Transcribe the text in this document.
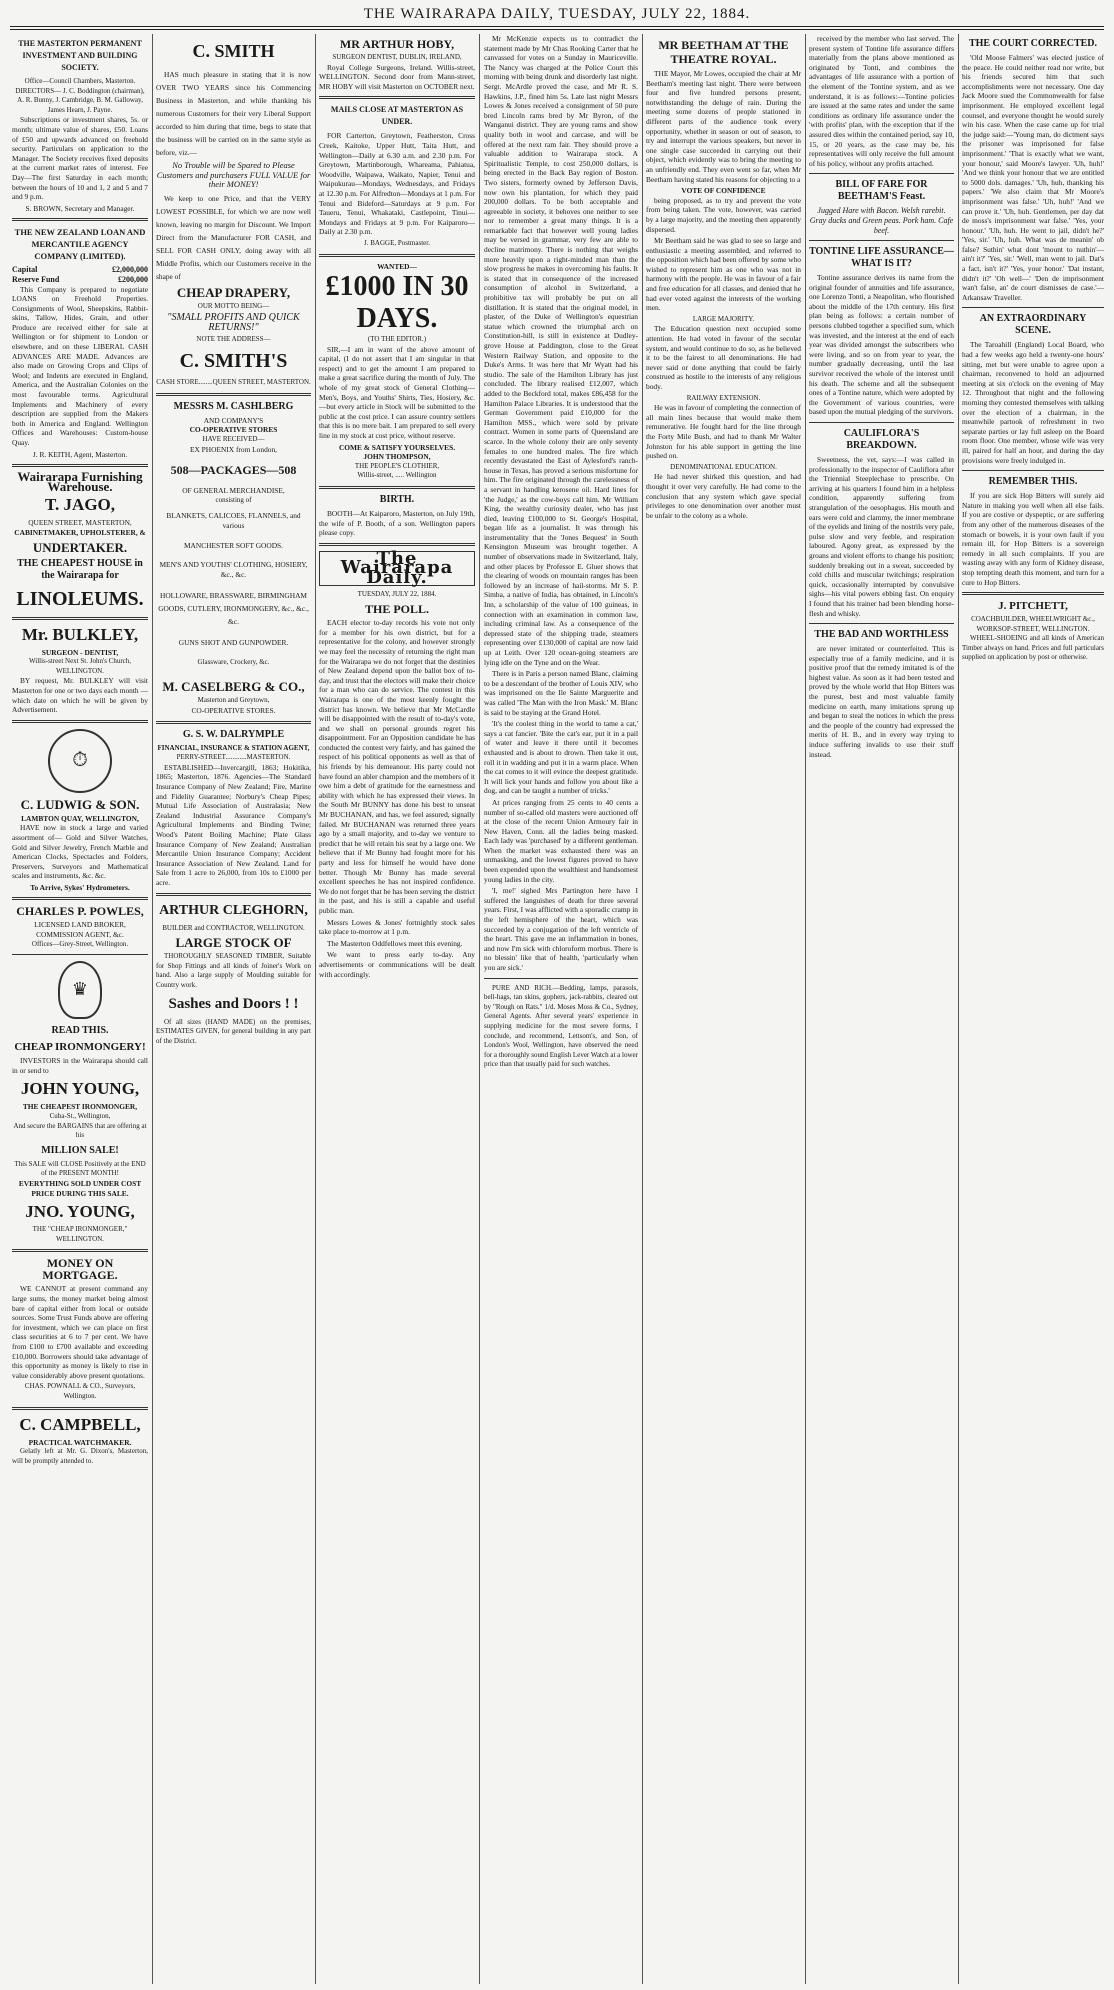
THE WAIRARAPA DAILY, TUESDAY, JULY 22, 1884.
THE MASTERTON PERMANENT INVESTMENT AND BUILDING SOCIETY.
Office—Council Chambers, Masterton. DIRECTORS— J. C. Boddington (chairman), A. R. Bunny, J. Cambridge, B. M. Galloway, James Hearn, J. Payne.
Subscriptions or investment shares, 5s. or month; ultimate value of shares, £50. Loans of £50 and upwards advanced on freehold security. Particulars on application to the Manager. The Society receives fixed deposits at the current market rates of interest. Fee Day—The first Saturday in each month; between the hours of 10 and 1, 2 and 5 and 7 and 9 p.m.
S. BROWN, Secretary and Manager.
THE NEW ZEALAND LOAN AND MERCANTILE AGENCY COMPANY (LIMITED).
Capital	£2,000,000
Reserve Fund	£200,000
This Company is prepared to negotiate LOANS on Freehold Properties. Consignments of Wool, Sheepskins, Rabbit-skins, Tallow, Hides, Grain, and other Produce are received either for sale at Wellington or for shipment to London or elsewhere, and on these LIBERAL CASH ADVANCES ARE MADE. Advances are also made on Growing Crops and Clips of Wool; and Indents are executed in England, America, and the Australian Colonies on the most favourable terms. Agricultural Implements and Machinery of every description are supplied from the Makers both in America and England. Wellington Offices and Warehouses: Custom-house Quay.
J. R. KEITH, Agent, Masterton.
Wairarapa Furnishing Warehouse.
T. JAGO,
QUEEN STREET, MASTERTON,
CABINETMAKER, UPHOLSTERER, &
UNDERTAKER.
THE CHEAPEST HOUSE in the Wairarapa for
LINOLEUMS.
Mr. BULKLEY,
SURGEON - DENTIST,
Willis-street Next St. John's Church, WELLINGTON.
BY request, Mr. BULKLEY will visit Masterton for one or two days each month — which date on which he will be given by Advertisement.
⏱
C. LUDWIG & SON.
LAMBTON QUAY, WELLINGTON,
HAVE now in stock a large and varied assortment of— Gold and Silver Watches, Gold and Silver Jewelry, French Marble and American Clocks, Spectacles and Folders, Preservers, Surveyors and Mathematical scales and instruments, &c. &c.
To Arrive, Sykes' Hydrometers.
CHARLES P. POWLES,
LICENSED LAND BROKER, COMMISSION AGENT, &c.
Offices—Grey-Street, Wellington.
♛
READ THIS.
CHEAP IRONMONGERY!
INVESTORS in the Wairarapa should call in or send to
JOHN YOUNG,
THE CHEAPEST IRONMONGER,
Cuba-St., Wellington,
And secure the BARGAINS that are offering at his
MILLION SALE!
This SALE will CLOSE Positively at the END of the PRESENT MONTH!
EVERYTHING SOLD UNDER COST PRICE DURING THIS SALE.
JNO. YOUNG,
THE "CHEAP IRONMONGER," WELLINGTON.
MONEY ON MORTGAGE.
WE CANNOT at present command any large sums, the money market being almost bare of capital either from local or outside sources. Some Trust Funds above are offering for investment, which we can place on first class securities at 6 to 7 per cent. We have from £100 to £700 available and exceeding £10,000. Borrowers should take advantage of this opportunity as money is likely to rise in value considerably above present quotations.
CHAS. POWNALL & CO., Surveyors, Wellington.
C. CAMPBELL,
PRACTICAL WATCHMAKER.
Gelatly left at Mr. G. Dixon's, Masterton, will be promptly attended to.
C. SMITH
HAS much pleasure in stating that it is now OVER TWO YEARS since his Commencing Business in Masterton, and while thanking his numerous Customers for their very Liberal Support accorded to him during that time, begs to state that the business will be carried on in the same style as before, viz.—
No Trouble will be Spared to Please Customers and purchasers FULL VALUE for their MONEY!
We keep to one Price, and that the VERY LOWEST POSSIBLE, for which we are now well known, leaving no margin for Discount. We Import Direct from the Manufacturer FOR CASH, and SELL FOR CASH ONLY, doing away with all Middle Profits, which our Customers receive in the shape of
CHEAP DRAPERY,
OUR MOTTO BEING—
"SMALL PROFITS AND QUICK RETURNS!"
NOTE THE ADDRESS—
C. SMITH'S
CASH STORE........QUEEN STREET, MASTERTON.
MESSRS M. CASHLBERG
AND COMPANY'S
CO-OPERATIVE STORES
HAVE RECEIVED—
EX PHOENIX from London,
508—PACKAGES—508
OF GENERAL MERCHANDISE,
consisting of
BLANKETS, CALICOES, FLANNELS, and various
MANCHESTER SOFT GOODS.
MEN'S AND YOUTHS' CLOTHING, HOSIERY, &c., &c.
HOLLOWARE, BRASSWARE, BIRMINGHAM GOODS, CUTLERY, IRONMONGERY, &c., &c., &c.
GUNS SHOT AND GUNPOWDER.
Glassware, Crockery, &c.
M. CASELBERG & CO.,
Masterton and Greytown,
CO-OPERATIVE STORES.
G. S. W. DALRYMPLE
FINANCIAL, INSURANCE & STATION AGENT,
PERRY-STREET............MASTERTON.
ESTABLISHED—Invercargill, 1863; Hokitika, 1865; Masterton, 1876. Agencies—The Standard Insurance Company of New Zealand; Fire, Marine and Fidelity Guarantee; Norbury's Cheap Pipes; Mutual Life Association of Australasia; New Zealand Industrial Assurance Company's Agricultural Implements and Binding Twine; Wood's Patent Boiling Machine; Plate Glass Insurance Company of New Zealand; Australian Mercantile Union Insurance Company; Accident Insurance Association of New Zealand. Land for Sale from 1 acre to 26,000, from 10s to £1000 per acre.
ARTHUR CLEGHORN,
BUILDER and CONTRACTOR, WELLINGTON.
LARGE STOCK OF
THOROUGHLY SEASONED TIMBER, Suitable for Shop Fittings and all kinds of Joiner's Work on hand. Also a large supply of Moulding suitable for Country work.
Sashes and Doors ! !
Of all sizes (HAND MADE) on the premises, ESTIMATES GIVEN, for general building in any part of the District.
MR ARTHUR HOBY,
SURGEON DENTIST, DUBLIN, IRELAND,
Royal College Surgeons, Ireland. Willis-street, WELLINGTON. Second door from Mann-street, MR HOBY will visit Masterton on OCTOBER next.
MAILS CLOSE AT MASTERTON AS UNDER.
FOR Carterton, Greytown, Featherston, Cross Creek, Kaitoke, Upper Hutt, Taita Hutt, and Wellington—Daily at 6.30 a.m. and 2.30 p.m. For Greytown, Martinborough, Whareama, Pahiatua, Woodville, Waipawa, Waikato, Napier, Tenui and Waipukurau—Mondays, Wednesdays, and Fridays at 12.30 p.m. For Alfredton—Mondays at 1 p.m. For Tenui and Bideford—Saturdays at 9 p.m. For Taueru, Tenui, Whakataki, Castlepoint, Tinui—Mondays and Fridays at 9 p.m. For Kaiparoro—Daily at 2.30 p.m.
J. BAGGE, Postmaster.
WANTED—
£1000 IN 30 DAYS.
(TO THE EDITOR.)
SIR,—I am in want of the above amount of capital, (I do not assert that I am singular in that respect) and to get the amount I am prepared to make a great sacrifice during the month of July. The whole of my great stock of General Clothing—Men's, Boys, and Youths' Shirts, Ties, Hosiery, &c.—but every article in Stock will be submitted to the public at the cost price. I can assure country settlers that this is no mere bait. I am prepared to sell every line in my stock at cost price, without reserve.
COME & SATISFY YOURSELVES.
JOHN THOMPSON,
THE PEOPLE'S CLOTHIER,
Willis-street, ..... Wellington
BIRTH.
BOOTH—At Kaiparoro, Masterton, on July 19th, the wife of P. Booth, of a son. Wellington papers please copy.
The Wairarapa Daily.
TUESDAY, JULY 22, 1884.
THE POLL.
EACH elector to-day records his vote not only for a member for his own district, but for a representative for the colony, and however strongly we may feel the necessity of returning the right man for the Wairarapa we do not forget that the destinies of New Zealand depend upon the ballot box of to-day, and trust that the electors will make their choice for a man who can do service. The contest in this Wairarapa is one of the most keenly fought the district has known. We believe that Mr McCardle will be disappointed with the result of to-day's vote, and we shall on personal grounds regret his disappointment. For an Opposition candidate he has conducted the contest very fairly, and has gained the respect of his political opponents as well as that of his friends by his demeanour. His party could not have found an abler champion and the members of it owe him a debt of gratitude for the earnestness and ability with which he has expressed their views. In the South Mr BUNNY has done his best to unseat Mr BUCHANAN, and has, we feel assured, signally failed. Mr BUCHANAN was returned three years ago by a small majority, and to-day we venture to predict that he will retain his seat by a large one. We believe that if Mr Bunny had fought more for his party and less for himself he would have done better. Though Mr Bunny has made several excellent speeches he has not inspired confidence. We do not forget that he has been serving the district in the past, and his is still a capable and useful public man.
Messrs Lowes & Jones' fortnightly stock sales take place to-morrow at 1 p.m.
The Masterton Oddfellows meet this evening.
We want to press early to-day. Any advertisements or communications will be dealt with accordingly.
Mr McKenzie expects us to contradict the statement made by Mr Chas Rooking Carter that he canvassed for votes on a Sunday in Mauriceville. The Nancy was charged at the Police Court this morning with being drunk and disorderly last night. Sergt. McArdle proved the case, and Mr R. S. Hawkins, J.P., fined him 5s. Late last night Messrs Lowes & Jones received a consignment of 50 pure bred Lincoln rams bred by Mr Byron, of the Wanganui district. They are young rams and show quality both in wool and carcase, and will be offered at the next ram fair. They should prove a valuable addition to Wairarapa stock. A Spiritualistic Temple, to cost 250,000 dollars, is being erected in the Back Bay region of Boston. Two sisters, formerly owned by Jefferson Davis, now own his plantation, for which they paid 200,000 dollars. To be both acceptable and agreeable in society, it behoves one neither to see nor to remember a great many things. It is a remarkable fact that however well young ladies may be versed in grammar, very few are able to decline matrimony. There is nothing that weighs more heavily upon a right-minded man than the slow progress he makes in overcoming his faults. It is stated that in consequence of the increased consumption of alcohol in Switzerland, a prohibitive tax will probably be put on all distillation. It is stated that the original model, in plaster, of the Duke of Wellington's equestrian statue which crowned the triumphal arch on Constitution-hill, is still in existence at Dudley-grove House at Paddington, close to the Great Western Railway Station, and opposite to the Duke's Arms. It was here that Mr Wyatt had his studio. The sale of the Hamilton Library has just concluded. The library realised £12,007, which added to the Beckford total, makes £86,458 for the Hamilton Palace Libraries. It is understood that the German Government paid £10,000 for the Hamilton MSS., which were sold by private contract. Women in some parts of Queensland are scarce. In the whole colony their are only seventy females to one hundred males. The fire which recently devastated the East of Aylesford's ranch-house in Texas, has proved a serious misfortune for him. The fire originated through the carelessness of a servant in handling kerosene oil. Hard lines for 'the Judge,' as the cow-boys call him. Mr William King, the wealthy curiosity dealer, who has just died, leaving £100,000 to St. George's Hospital, began life as a journalist. It was through his instrumentality that the 'Jones Bequest' in South Kensington Museum was brought together. A number of observations made in Switzerland, Italy, and other places by Professor E. Gluer shows that the clearing of woods on mountain ranges has been followed by an increase of hail-storms. Mr S. P. Simba, a native of India, has obtained, in Lincoln's Inn, a scholarship of the value of 100 guineas, in connection with an examination in common law, including criminal law. As a consequence of the depressed state of the shipping trade, steamers representing over £130,000 of capital are now laid up at Leith. Over 120 ocean-going steamers are lying idle on the Tyne and on the Wear.
There is in Paris a person named Blanc, claiming to be a descendant of the brother of Louis XIV, who was imprisoned on the Ile Sainte Marguerite and was called 'The Man with the Iron Mask.' M. Blanc is said to be staying at the Grand Hotel.
'It's the coolest thing in the world to tame a cat,' says a cat fancier. 'Bite the cat's ear, put it in a pail of water and leave it there until it becomes exhausted and is about to drown. Then take it out, roll it in wadding and put it in a warm place. When the cat comes to it will evince the deepest gratitude. It will lick your hands and follow you about like a dog, and can be taught a number of tricks.'
At prices ranging from 25 cents to 40 cents a number of so-called old masters were auctioned off at the close of the recent Union Armoury fair in New Haven, Conn. all the ladies being masked. Each lady was 'purchased' by a different gentleman. When the market was exhausted there was an unmasking, and the lowest figures proved to have been expended upon the wealthiest and handsomest young ladies in the city.
'I, me!' sighed Mrs Partington here have I suffered the languishes of death for three several years. First, I was afflicted with a sporadic cramp in the left hemisphere of the heart, which was succeeded by a conjugation of the left ventricle of the heart. This gave me an inflammation in bones, and now I'm sick with chloroform morbus. There is no blessin' like that of health, 'particularly when you are sick.'
PURE AND RICH.—Bedding, lamps, parasols, bell-hags, tan skins, gophers, jack-rabbits, cleared out by "Rough on Rats." 1/d. Moses Moss & Co., Sydney, General Agents. After several years' experience in supplying medicine for the most severe forms, I conclude, and recommend, Lettsom's, and Son, of London's Wool, Wellington, have observed the need for a thoroughly sound English Lever Watch at a lower price than that usually paid for such watches.
MR BEETHAM AT THE THEATRE ROYAL.
THE Mayor, Mr Lowes, occupied the chair at Mr Beetham's meeting last night. There were between four and five hundred persons present, notwithstanding the deluge of rain. During the meeting some dozens of people stationed in different parts of the audience took every opportunity, whether in season or out of season, to try and interrupt the various speakers, but never in one single case succeeded in carrying out their object, which evidently was to bring the meeting to an unfriendly end. They even went so far, when Mr Beetham having stated his reasons for objecting to a
VOTE OF CONFIDENCE
being proposed, as to try and prevent the vote from being taken. The vote, however, was carried by a large majority, and the meeting then apparently dispersed.
Mr Beetham said he was glad to see so large and enthusiastic a meeting assembled, and referred to the opposition which had been offered by some who wished to represent him as one who was not in harmony with the people. He was in favour of a fair and free education for all classes, and denied that he had ever voted against the interests of the working men.
LARGE MAJORITY.
The Education question next occupied some attention. He had voted in favour of the secular system, and would continue to do so, as he believed it to be the fairest to all denominations. He had never said or done anything that could be fairly construed as hostile to the interests of any religious body.
RAILWAY EXTENSION.
He was in favour of completing the connection of all main lines because that would make them remunerative. He fought hard for the line through the Forty Mile Bush, and had to thank Mr Walter Johnston for his able support in getting the line pushed on.
DENOMINATIONAL EDUCATION.
He had never shirked this question, and had thought it over very carefully. He had come to the conclusion that any system which gave special privileges to one denomination over another must be unfair to the colony as a whole.
received by the member who last served. The present system of Tontine life assurance differs materially from the plans above mentioned as originated by Tonti, and combines the advantages of life assurance with a portion of the element of the Tontine system, and as we understand, it is as follows:—Tontine policies are issued at the same rates and under the same conditions as ordinary life assurance under the 'with profits' plan, with the exception that if the assured dies within the contained period, say 10, 15, or 20 years, as the case may be, his representatives will only receive the full amount of his policy, without any profits attached.
BILL OF FARE FOR BEETHAM'S Feast.
Jugged Hare with Bacon. Welsh rarebit. Gray ducks and Green peas. Pork ham. Cafe beef.
TONTINE LIFE ASSURANCE—WHAT IS IT?
Tontine assurance derives its name from the original founder of annuities and life assurance, one Lorenzo Tonti, a Neapolitan, who flourished about the middle of the 17th century. His first plan being as follows: a certain number of persons clubbed together a specified sum, which was invested, and the interest at the end of each year was divided amongst the subscribers who were living, and so on from year to year, the number gradually decreasing, until the last survivor received the whole of the interest until his death. The scheme and all the subsequent ones of a Tontine nature, which were adopted by the Government of various countries, were based upon the mutual pledging of the survivors.
CAULIFLORA'S BREAKDOWN.
Sweetness, the vet, says:—I was called in professionally to the inspector of Cauliflora after the Triennial Steeplechase to prescribe. On arriving at his quarters I found him in a helpless condition, apparently suffering from strangulation of the oesophagus. His mouth and ears were cold and clammy, the inner membrane of the eyelids and lining of the nostrils very pale, pulse slow and very feeble, and respiration laboured. Agony great, as expressed by the groans and violent efforts to change his position; suddenly breaking out in a sweat, succeeded by cold chills and muscular twitchings; respiration quick, occasionally interrupted by convulsive sighs—his vital powers ebbing fast. On enquiry I found that his trainer had been blending horse-flesh and whisky.
THE BAD AND WORTHLESS
are never imitated or counterfeited. This is especially true of a family medicine, and it is positive proof that the remedy imitated is of the highest value. As soon as it had been tested and proved by the whole world that Hop Bitters was the purest, best and most valuable family medicine on earth, many imitations sprung up and began to steal the notices in which the press and the people of the country had expressed the merits of H. B., and in every way trying to induce suffering invalids to use their stuff instead.
THE COURT CORRECTED.
'Old Moose Falmers' was elected justice of the peace. He could neither read nor write, but his friends secured him that such accomplishments were not necessary. One day Jack Moore sued the Commonwealth for false imprisonment. He employed excellent legal counsel, and everyone thought he would surely win his case. When the case came up for trial the judge said:—'Young man, do dictment says the prisoner was imprisoned for false imprisonment.' 'That is exactly what we want, your honour,' said Moore's lawyer. 'Uh, huh!' 'And we think your honour that we are entitled to 5000 dols. damages.' 'Uh, huh, thanking his papers.' 'We also claim that Mr Moore's imprisonment was false.' 'Uh, huh!' 'And we can prove it.' 'Uh, huh. Gentlemen, per day dat de moss's imprisonment war false.' 'Yes, your honour.' 'Uh, huh. He went to jail, didn't he?' 'Yes, sir.' 'Uh, huh. What was de meanin' ob false? Suthin' what dont 'mount to nuthin'—ain't it?' 'Yes, sir.' 'Well, man went to jail. Dat's a fact, isn't it?' 'Yes, your honor.' 'Dat instant, didn't it?' 'Oh well—' 'Den de imprisonment wan't false, an' de court dismisses de case.'—Arkansaw Traveller.
AN EXTRAORDINARY SCENE.
The Taroahill (England) Local Board, who had a few weeks ago held a twenty-one hours' sitting, met but were unable to agree upon a chairman, reconvened to hold an adjourned meeting at six o'clock on the evening of May 12. Throughout that night and the following morning they contested themselves with talking over the election of a chairman, in the meanwhile partook of refreshment in two separate parties or lay full asleep on the Board room floor. One member, whose wife was very ill, paired for half an hour, and during the day provisions were freely indulged in.
REMEMBER THIS.
If you are sick Hop Bitters will surely aid Nature in making you well when all else fails. If you are costive or dyspeptic, or are suffering from any other of the numerous diseases of the stomach or bowels, it is your own fault if you remain ill, for Hop Bitters is a sovereign remedy in all such complaints. If you are wasting away with any form of Kidney disease, stop tempting death this moment, and turn for a cure to Hop Bitters.
J. PITCHETT,
COACHBUILDER, WHEELWRIGHT &c.,
WORKSOP-STREET, WELLINGTON.
WHEEL-SHOEING and all kinds of American Timber always on hand. Prices and full particulars supplied on application by post or otherwise.
